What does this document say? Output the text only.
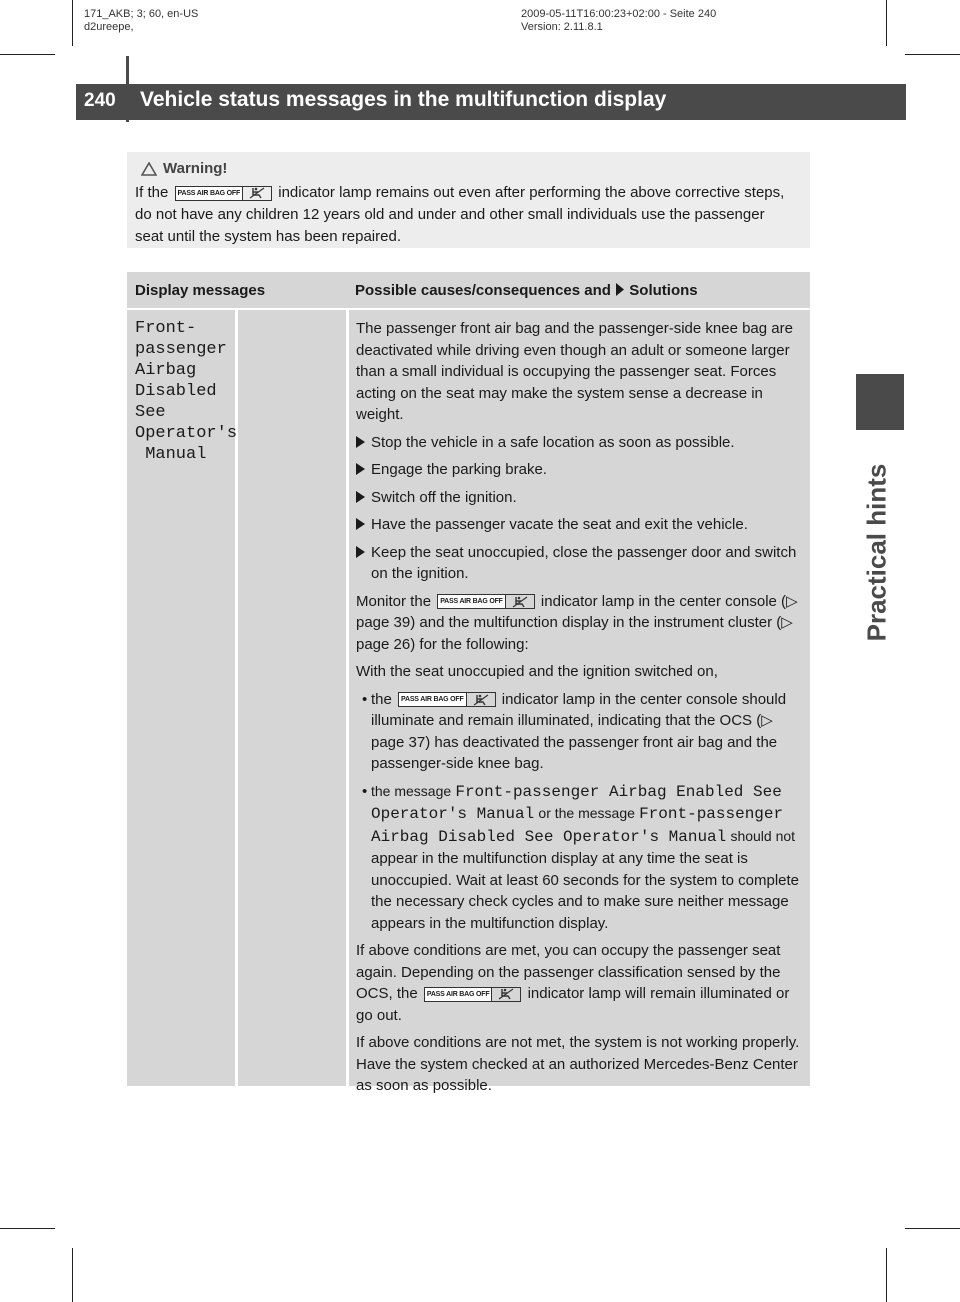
171_AKB; 3; 60, en-US
d2ureepe,
2009-05-11T16:00:23+02:00 - Seite 240
Version: 2.11.8.1
240 Vehicle status messages in the multifunction display
Practical hints
Warning!
If the	PASS AIR BAG OFF	indicator lamp remains out even after performing the above corrective steps, do not have any children 12 years old and under and other small individuals use the passenger seat until the system has been repaired.
Display messages	Possible causes/consequences and Solutions
Front-
passenger
Airbag
Disabled
See
Operator's
Manual

The passenger front air bag and the passenger-side knee bag are deactivated while driving even though an adult or someone larger than a small individual is occupying the passenger seat. Forces acting on the seat may make the system sense a decrease in weight.

Stop the vehicle in a safe location as soon as possible.
Engage the parking brake.
Switch off the ignition.
Have the passenger vacate the seat and exit the vehicle.
Keep the seat unoccupied, close the passenger door and switch on the ignition.

Monitor the	PASS AIR BAG OFF	indicator lamp in the center console (▷ page 39) and the multifunction display in the instrument cluster (▷ page 26) for the following:

With the seat unoccupied and the ignition switched on,

• the	PASS AIR BAG OFF	indicator lamp in the center console should illuminate and remain illuminated, indicating that the OCS (▷ page 37) has deactivated the passenger front air bag and the passenger-side knee bag.
• the message Front-passenger Airbag Enabled See Operator's Manual or the message Front-passenger Airbag Disabled See Operator's Manual should not appear in the multifunction display at any time the seat is unoccupied. Wait at least 60 seconds for the system to complete the necessary check cycles and to make sure neither message appears in the multifunction display.

If above conditions are met, you can occupy the passenger seat again. Depending on the passenger classification sensed by the OCS, the	PASS AIR BAG OFF	indicator lamp will remain illuminated or go out.

If above conditions are not met, the system is not working properly. Have the system checked at an authorized Mercedes-Benz Center as soon as possible.
